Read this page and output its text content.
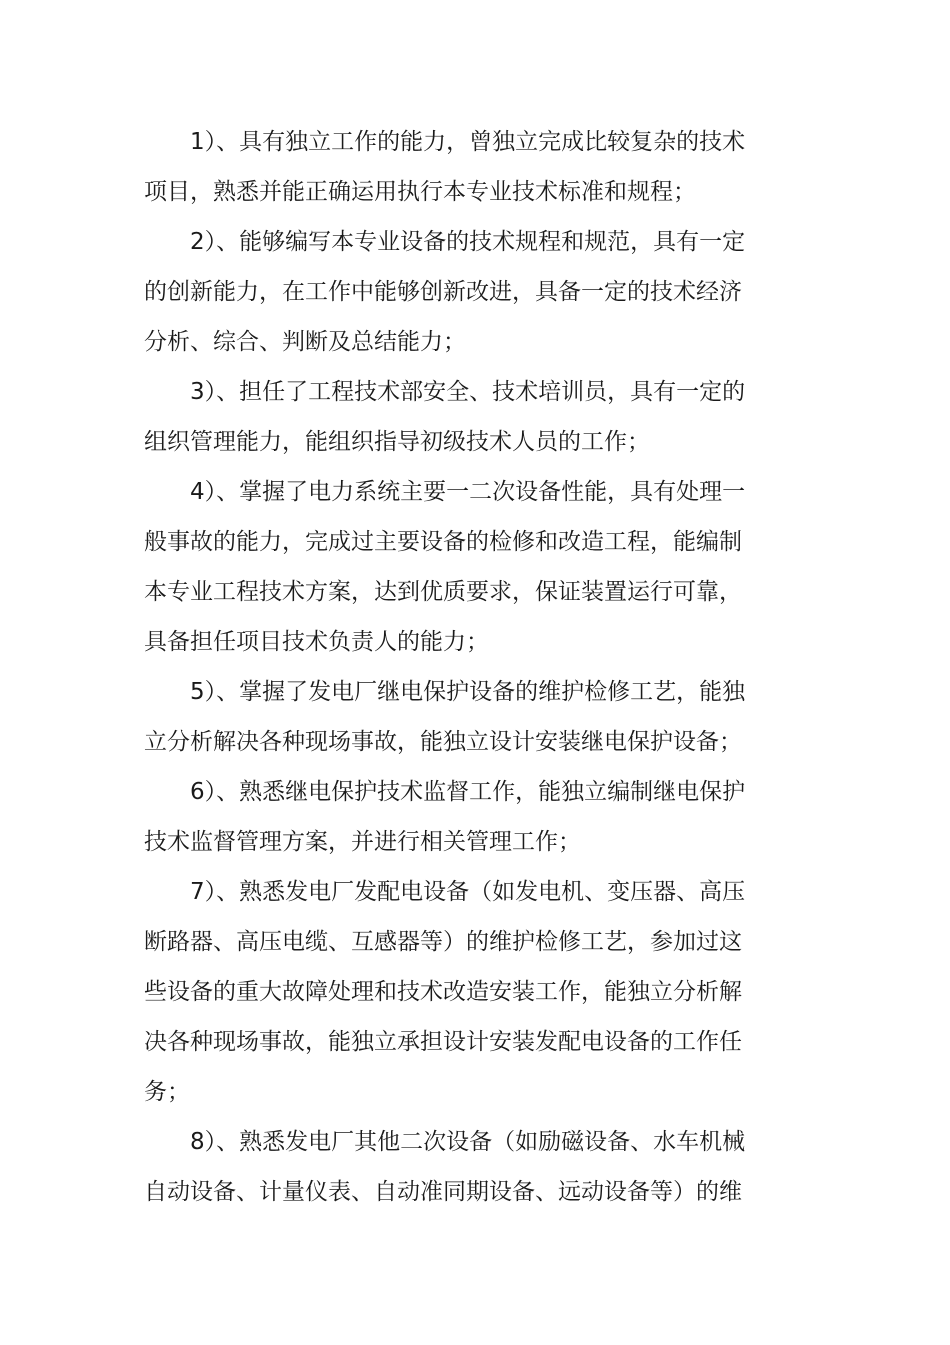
1）、具有独立工作的能力，曾独立完成比较复杂的技术
项目，熟悉并能正确运用执行本专业技术标准和规程；
2）、能够编写本专业设备的技术规程和规范，具有一定
的创新能力，在工作中能够创新改进，具备一定的技术经济
分析、综合、判断及总结能力；
3）、担任了工程技术部安全、技术培训员，具有一定的
组织管理能力，能组织指导初级技术人员的工作；
4）、掌握了电力系统主要一二次设备性能，具有处理一
般事故的能力，完成过主要设备的检修和改造工程，能编制
本专业工程技术方案，达到优质要求，保证装置运行可靠，
具备担任项目技术负责人的能力；
5）、掌握了发电厂继电保护设备的维护检修工艺，能独
立分析解决各种现场事故，能独立设计安装继电保护设备；
6）、熟悉继电保护技术监督工作，能独立编制继电保护
技术监督管理方案，并进行相关管理工作；
7）、熟悉发电厂发配电设备（如发电机、变压器、高压
断路器、高压电缆、互感器等）的维护检修工艺，参加过这
些设备的重大故障处理和技术改造安装工作，能独立分析解
决各种现场事故，能独立承担设计安装发配电设备的工作任
务；
8）、熟悉发电厂其他二次设备（如励磁设备、水车机械
自动设备、计量仪表、自动准同期设备、远动设备等）的维
